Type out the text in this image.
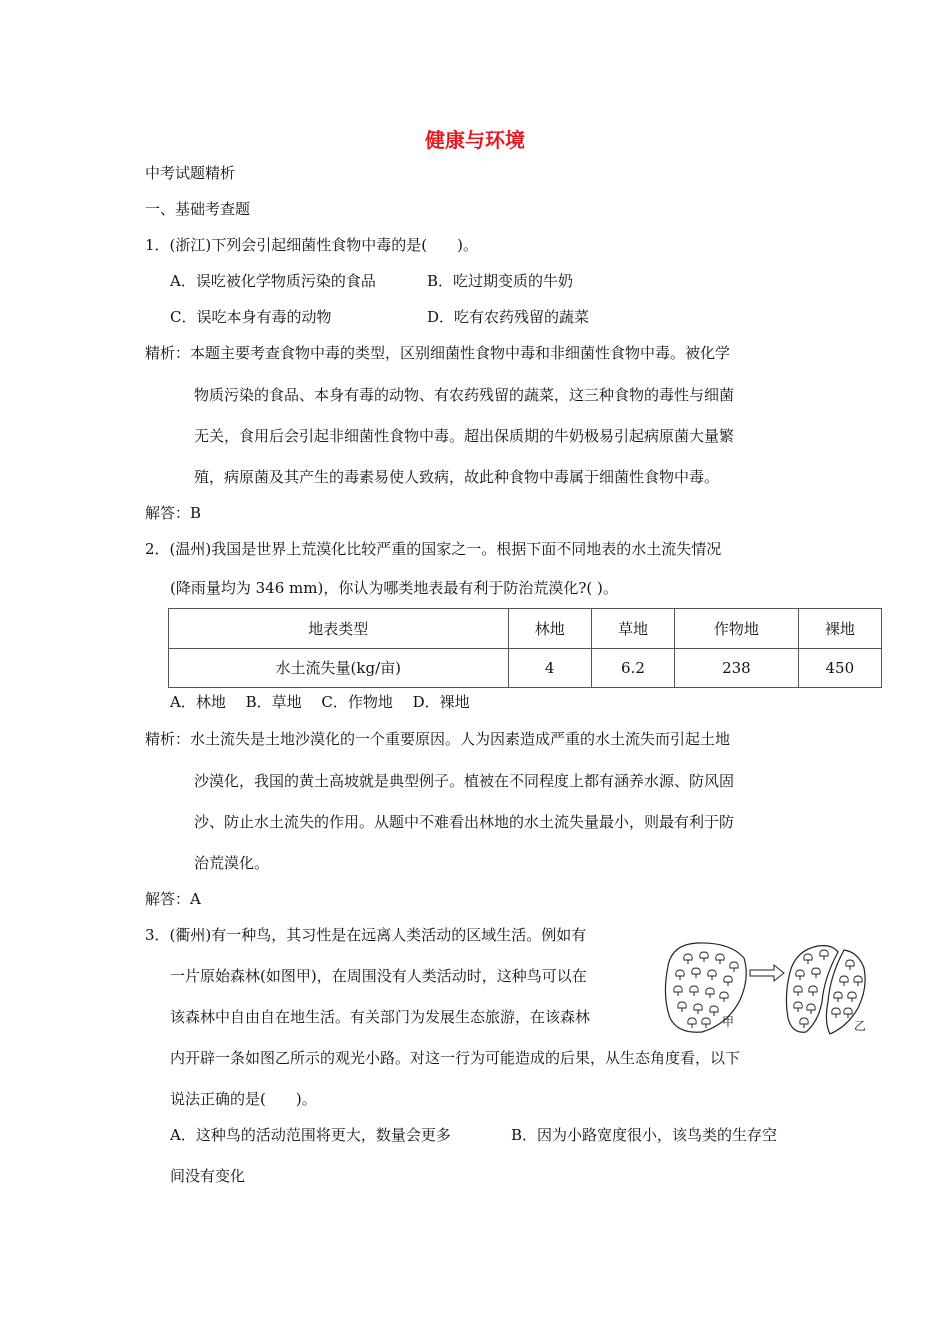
健康与环境
中考试题精析
一、基础考查题
1．(浙江)下列会引起细菌性食物中毒的是(　　)。
A．误吃被化学物质污染的食品	B．吃过期变质的牛奶
C．误吃本身有毒的动物	D．吃有农药残留的蔬菜
精析：本题主要考查食物中毒的类型，区别细菌性食物中毒和非细菌性食物中毒。被化学
物质污染的食品、本身有毒的动物、有农药残留的蔬菜，这三种食物的毒性与细菌
无关，食用后会引起非细菌性食物中毒。超出保质期的牛奶极易引起病原菌大量繁
殖，病原菌及其产生的毒素易使人致病，故此种食物中毒属于细菌性食物中毒。
解答：B
2．(温州)我国是世界上荒漠化比较严重的国家之一。根据下面不同地表的水土流失情况
(降雨量均为 346 mm)，你认为哪类地表最有利于防治荒漠化?( )。
地表类型	林地	草地	作物地	裸地
水土流失量(kg/亩)	4	6.2	238	450
A．林地　 B．草地　 C．作物地　 D．裸地
精析：水土流失是土地沙漠化的一个重要原因。人为因素造成严重的水土流失而引起土地
沙漠化，我国的黄土高坡就是典型例子。植被在不同程度上都有涵养水源、防风固
沙、防止水土流失的作用。从题中不难看出林地的水土流失量最小，则最有利于防
治荒漠化。
解答：A
3．(衢州)有一种鸟，其习性是在远离人类活动的区域生活。例如有
一片原始森林(如图甲)，在周围没有人类活动时，这种鸟可以在
该森林中自由自在地生活。有关部门为发展生态旅游，在该森林
内开辟一条如图乙所示的观光小路。对这一行为可能造成的后果，从生态角度看，以下
说法正确的是(　　)。
A．这种鸟的活动范围将更大，数量会更多	B．因为小路宽度很小，该鸟类的生存空
间没有变化
甲	乙
